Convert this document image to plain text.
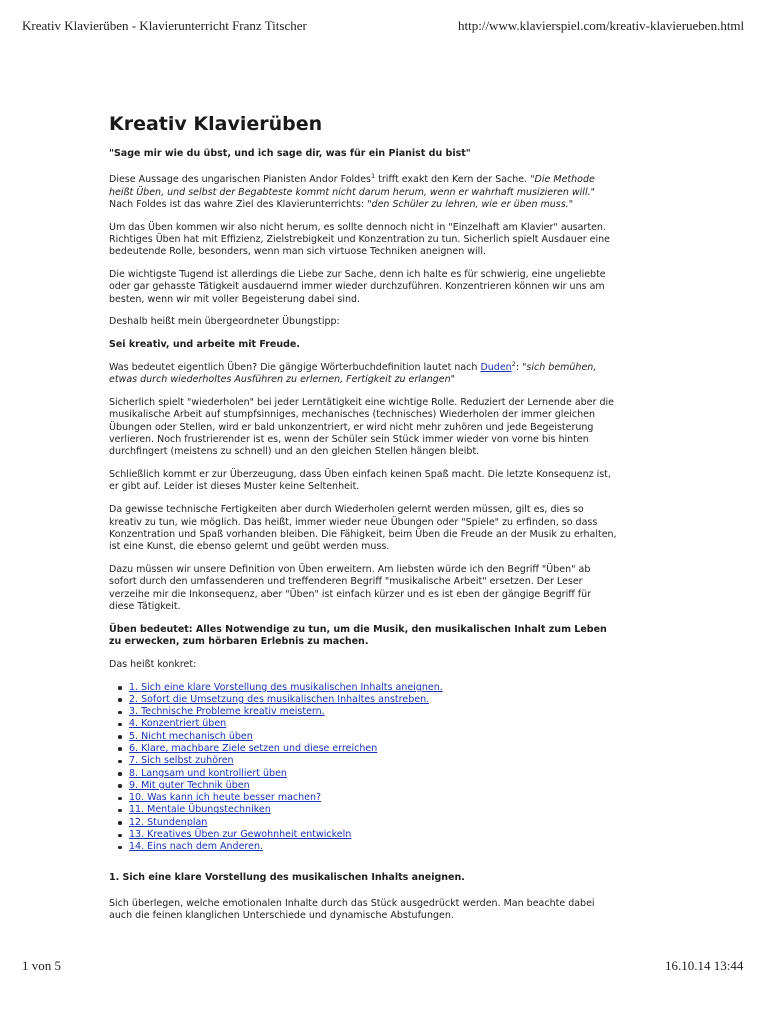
Kreativ Klavierüben - Klavierunterricht Franz Titscher	http://www.klavierspiel.com/kreativ-klavierueben.html
Kreativ Klavierüben

"Sage mir wie du übst, und ich sage dir, was für ein Pianist du bist"

Diese Aussage des ungarischen Pianisten Andor Foldes$^1$ trifft exakt den Kern der Sache. "Die Methode heißt Üben, und selbst der Begabteste kommt nicht darum herum, wenn er wahrhaft musizieren will." Nach Foldes ist das wahre Ziel des Klavierunterrichts: "den Schüler zu lehren, wie er üben muss."

Um das Üben kommen wir also nicht herum, es sollte dennoch nicht in "Einzelhaft am Klavier" ausarten. Richtiges Üben hat mit Effizienz, Zielstrebigkeit und Konzentration zu tun. Sicherlich spielt Ausdauer eine bedeutende Rolle, besonders, wenn man sich virtuose Techniken aneignen will.

Die wichtigste Tugend ist allerdings die Liebe zur Sache, denn ich halte es für schwierig, eine ungeliebte oder gar gehasste Tätigkeit ausdauernd immer wieder durchzuführen. Konzentrieren können wir uns am besten, wenn wir mit voller Begeisterung dabei sind.

Deshalb heißt mein übergeordneter Übungstipp:

Sei kreativ, und arbeite mit Freude.

Was bedeutet eigentlich Üben? Die gängige Wörterbuchdefinition lautet nach Duden$^2$: "sich bemühen, etwas durch wiederholtes Ausführen zu erlernen, Fertigkeit zu erlangen"

Sicherlich spielt "wiederholen" bei jeder Lerntätigkeit eine wichtige Rolle. Reduziert der Lernende aber die musikalische Arbeit auf stumpfsinniges, mechanisches (technisches) Wiederholen der immer gleichen Übungen oder Stellen, wird er bald unkonzentriert, er wird nicht mehr zuhören und jede Begeisterung verlieren. Noch frustrierender ist es, wenn der Schüler sein Stück immer wieder von vorne bis hinten durchfingert (meistens zu schnell) und an den gleichen Stellen hängen bleibt.

Schließlich kommt er zur Überzeugung, dass Üben einfach keinen Spaß macht. Die letzte Konsequenz ist, er gibt auf. Leider ist dieses Muster keine Seltenheit.

Da gewisse technische Fertigkeiten aber durch Wiederholen gelernt werden müssen, gilt es, dies so kreativ zu tun, wie möglich. Das heißt, immer wieder neue Übungen oder "Spiele" zu erfinden, so dass Konzentration und Spaß vorhanden bleiben. Die Fähigkeit, beim Üben die Freude an der Musik zu erhalten, ist eine Kunst, die ebenso gelernt und geübt werden muss.

Dazu müssen wir unsere Definition von Üben erweitern. Am liebsten würde ich den Begriff "Üben" ab sofort durch den umfassenderen und treffenderen Begriff "musikalische Arbeit" ersetzen. Der Leser verzeihe mir die Inkonsequenz, aber "Üben" ist einfach kürzer und es ist eben der gängige Begriff für diese Tätigkeit.

Üben bedeutet: Alles Notwendige zu tun, um die Musik, den musikalischen Inhalt zum Leben zu erwecken, zum hörbaren Erlebnis zu machen.

Das heißt konkret:

1. Sich eine klare Vorstellung des musikalischen Inhalts aneignen.
2. Sofort die Umsetzung des musikalischen Inhaltes anstreben.
3. Technische Probleme kreativ meistern.
4. Konzentriert üben
5. Nicht mechanisch üben
6. Klare, machbare Ziele setzen und diese erreichen
7. Sich selbst zuhören
8. Langsam und kontrolliert üben
9. Mit guter Technik üben
10. Was kann ich heute besser machen?
11. Mentale Übungstechniken
12. Stundenplan
13. Kreatives Üben zur Gewohnheit entwickeln
14. Eins nach dem Anderen.
1. Sich eine klare Vorstellung des musikalischen Inhalts aneignen.

Sich überlegen, welche emotionalen Inhalte durch das Stück ausgedrückt werden. Man beachte dabei auch die feinen klanglichen Unterschiede und dynamische Abstufungen.

1 von 5	16.10.14 13:44
